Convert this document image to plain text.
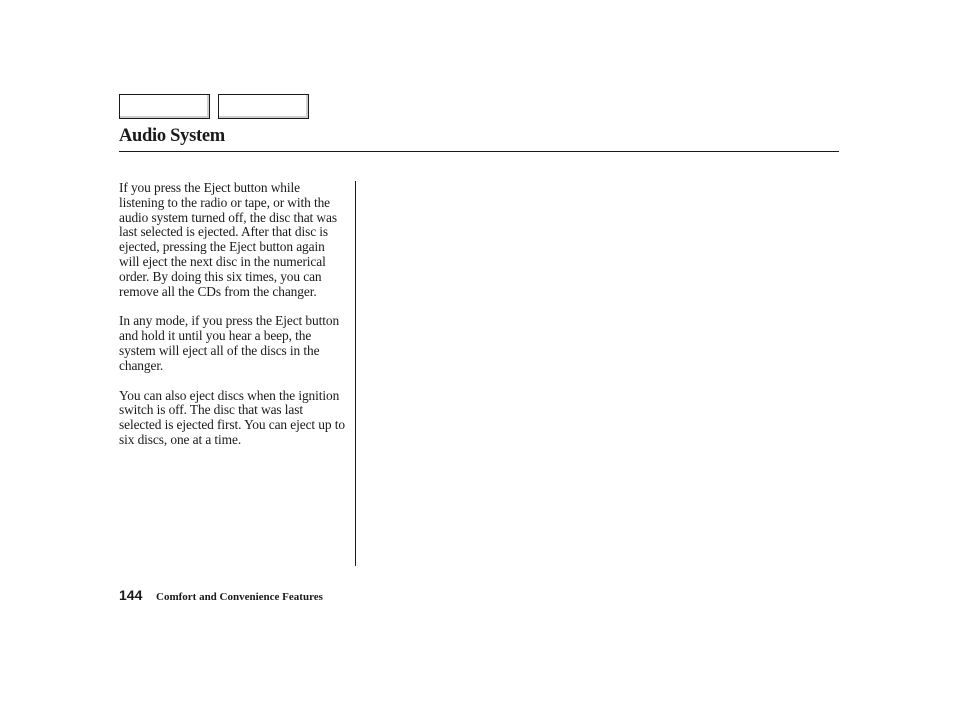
Audio System

If you press the Eject button while listening to the radio or tape, or with the audio system turned off, the disc that was last selected is ejected. After that disc is ejected, pressing the Eject button again will eject the next disc in the numerical order. By doing this six times, you can remove all the CDs from the changer.

In any mode, if you press the Eject button and hold it until you hear a beep, the system will eject all of the discs in the changer.

You can also eject discs when the ignition switch is off. The disc that was last selected is ejected first. You can eject up to six discs, one at a time.

144 Comfort and Convenience Features
